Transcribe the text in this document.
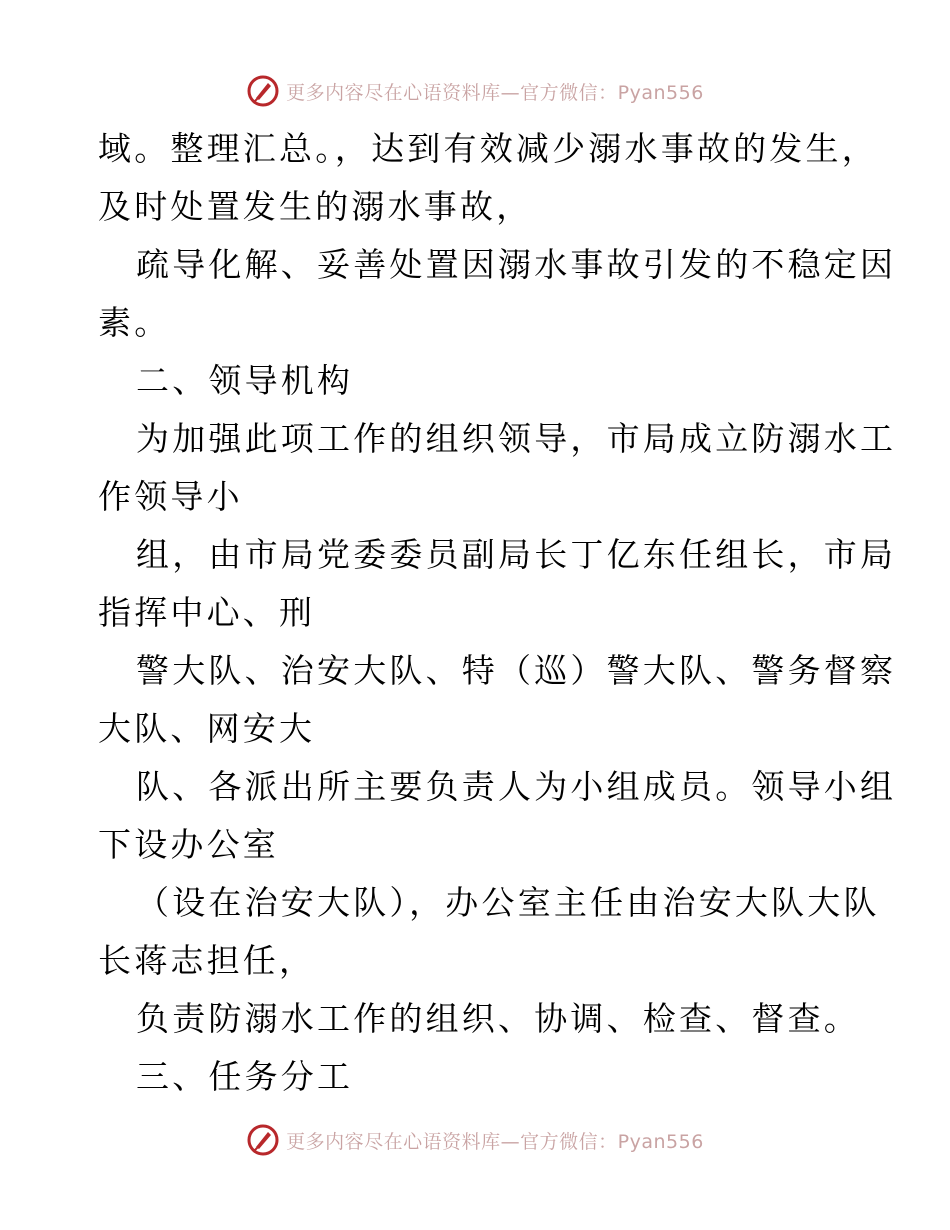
更多内容尽在心语资料库—官方微信：Pyan556
域。整理汇总。，达到有效减少溺水事故的发生，
及时处置发生的溺水事故，
疏导化解、妥善处置因溺水事故引发的不稳定因
素。
二、领导机构
为加强此项工作的组织领导，市局成立防溺水工
作领导小
组，由市局党委委员副局长丁亿东任组长，市局
指挥中心、刑
警大队、治安大队、特（巡）警大队、警务督察
大队、网安大
队、各派出所主要负责人为小组成员。领导小组
下设办公室
（设在治安大队），办公室主任由治安大队大队
长蒋志担任，
负责防溺水工作的组织、协调、检查、督查。
三、任务分工
更多内容尽在心语资料库—官方微信：Pyan556
